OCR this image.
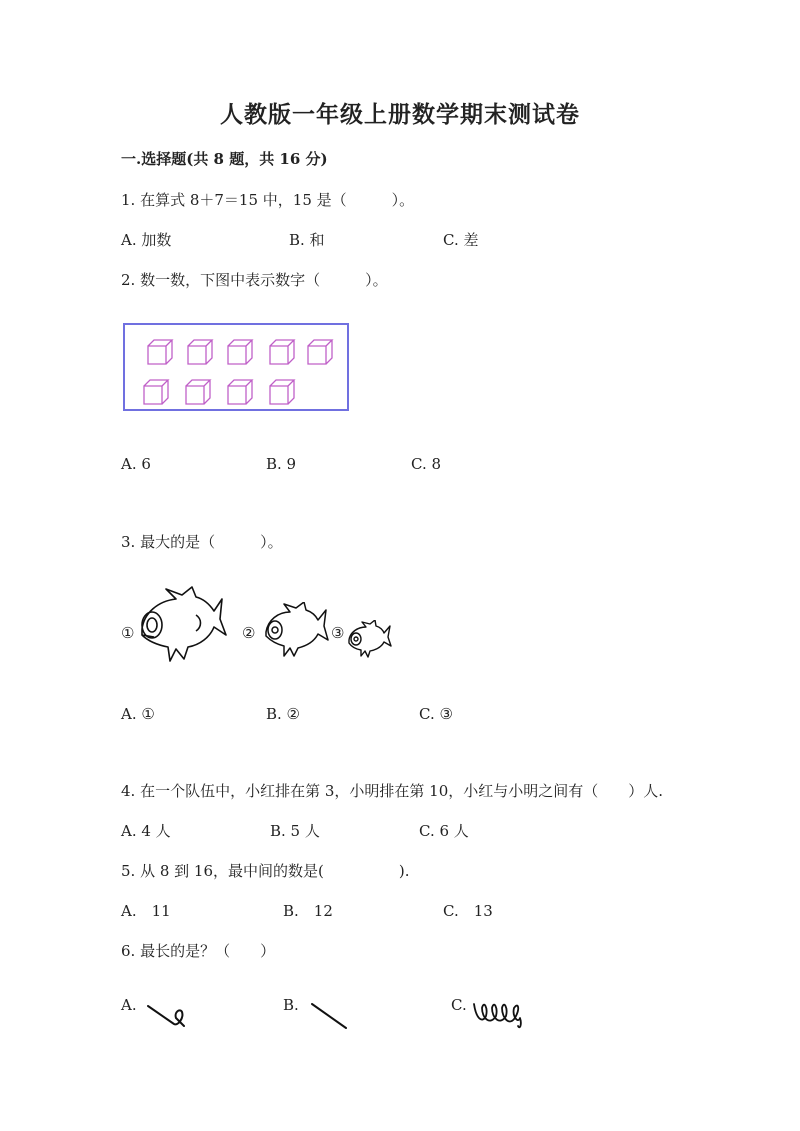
人教版一年级上册数学期末测试卷
一.选择题(共 8 题，共 16 分)
1. 在算式 8＋7＝15 中，15 是（　　　）。
A. 加数	B. 和	C. 差
2. 数一数，下图中表示数字（　　　）。
A. 6	B. 9	C. 8
3. 最大的是（　　　）。
①	②	③
A. ①	B. ②	C. ③
4. 在一个队伍中，小红排在第 3，小明排在第 10，小红与小明之间有（　　）人.
A. 4 人	B. 5 人	C. 6 人
5. 从 8 到 16，最中间的数是(　　　　　).
A.　11	B.　12	C.　13
6. 最长的是？（　　）
A.	B.	C.
